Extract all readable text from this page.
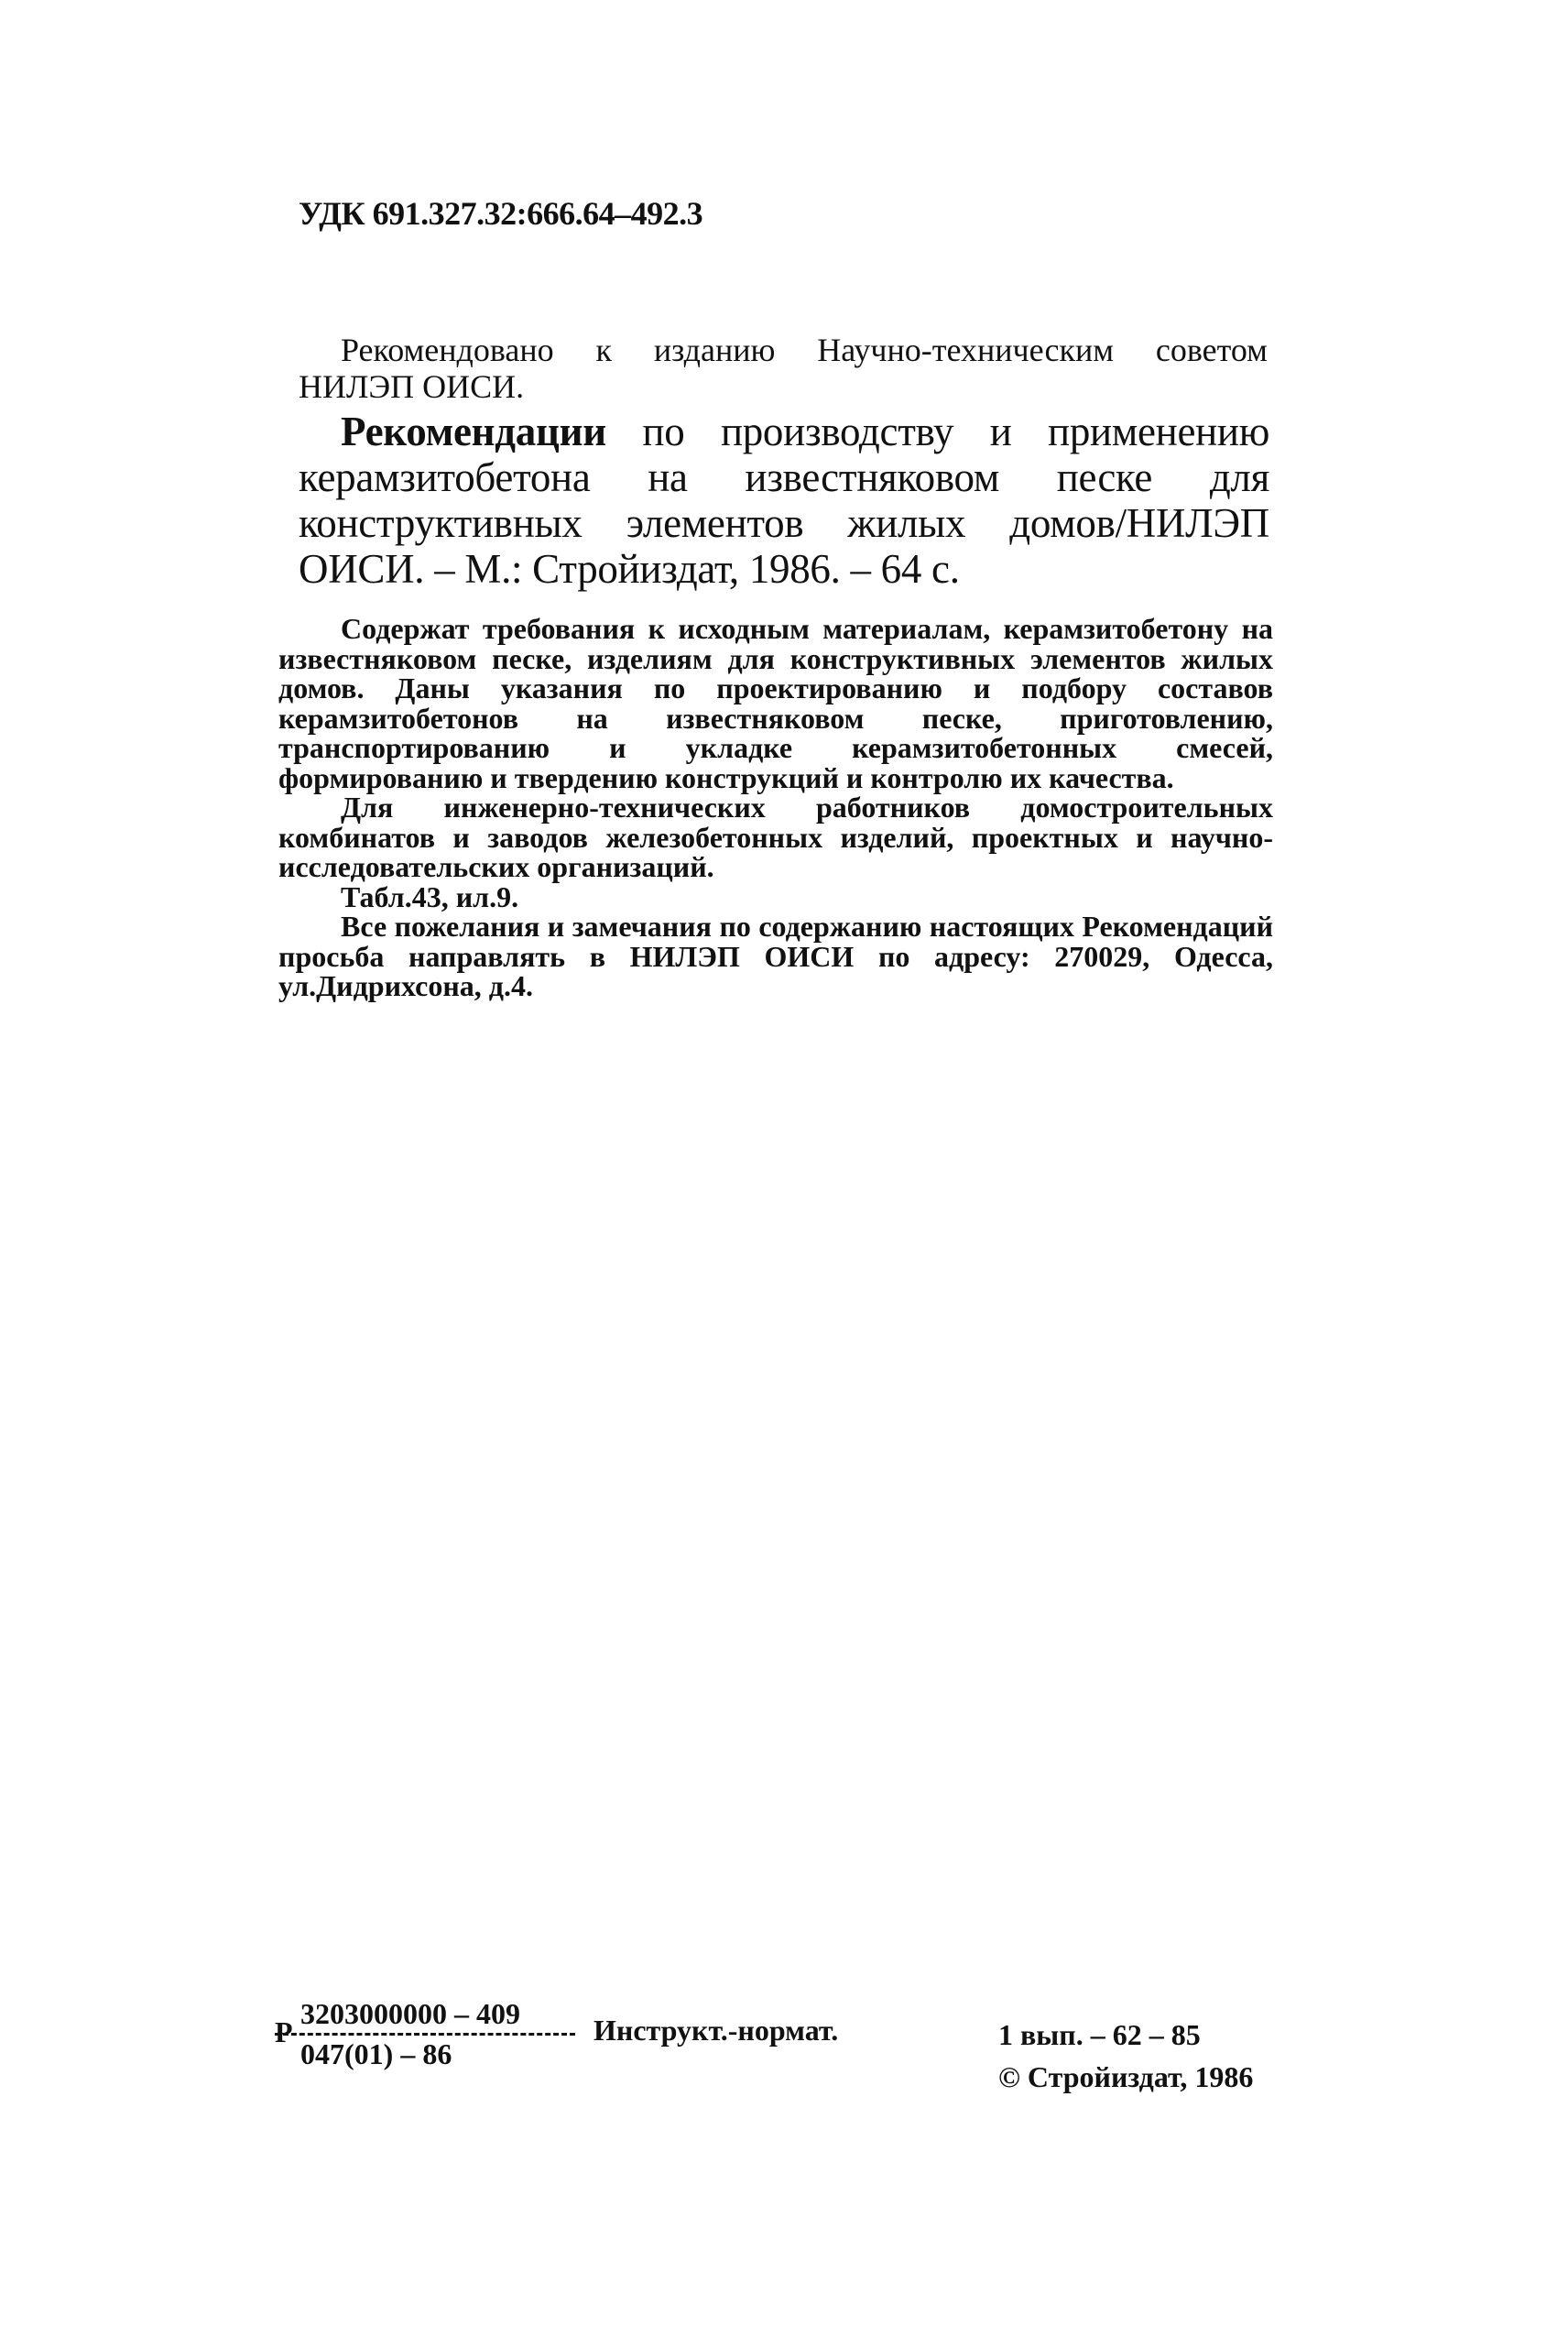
УДК 691.327.32:666.64–492.3
Рекомендовано к изданию Научно-техническим советом
НИЛЭП ОИСИ.
Рекомендации по производству и применению керамзитобетона на известняковом песке для конструктивных элементов жилых домов/НИЛЭП ОИСИ. – М.: Стройиздат, 1986. – 64 с.

Содержат требования к исходным материалам, керамзитобетону на известняковом песке, изделиям для конструктивных элементов жилых домов. Даны указания по проектированию и подбору составов керамзитобетонов на известняковом песке, приготовлению, транспортированию и укладке керамзитобетонных смесей, формированию и твердению конструкций и контролю их качества.

Для инженерно-технических работников домостроительных комбинатов и заводов железобетонных изделий, проектных и научно-исследовательских организаций.

Табл.43, ил.9.

Все пожелания и замечания по содержанию настоящих Рекомендаций просьба направлять в НИЛЭП ОИСИ по адресу: 270029, Одесса, ул.Дидрихсона, д.4.

Р
3203000000 – 409
047(01) – 86
Инструкт.-нормат.	1 вып. – 62 – 85
© Стройиздат, 1986
